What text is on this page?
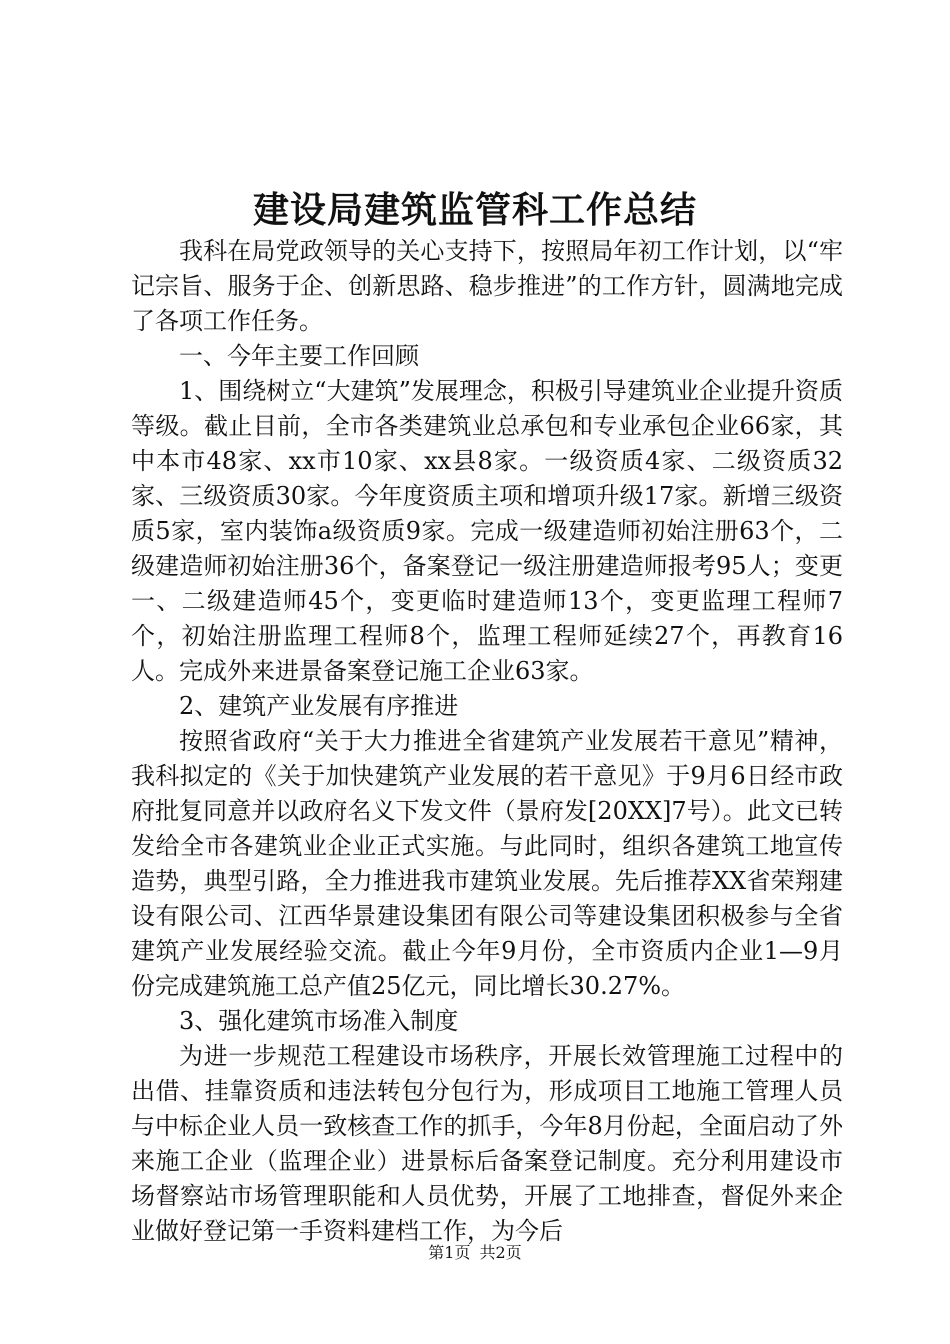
建设局建筑监管科工作总结

我科在局党政领导的关心支持下，按照局年初工作计划，以“牢记宗旨、服务于企、创新思路、稳步推进”的工作方针，圆满地完成了各项工作任务。

一、今年主要工作回顾

1、围绕树立“大建筑”发展理念，积极引导建筑业企业提升资质等级。截止目前，全市各类建筑业总承包和专业承包企业66家，其中本市48家、xx市10家、xx县8家。一级资质4家、二级资质32家、三级资质30家。今年度资质主项和增项升级17家。新增三级资质5家，室内装饰a级资质9家。完成一级建造师初始注册63个，二级建造师初始注册36个，备案登记一级注册建造师报考95人；变更一、二级建造师45个，变更临时建造师13个，变更监理工程师7个，初始注册监理工程师8个，监理工程师延续27个，再教育16人。完成外来进景备案登记施工企业63家。

2、建筑产业发展有序推进

按照省政府“关于大力推进全省建筑产业发展若干意见”精神，我科拟定的《关于加快建筑产业发展的若干意见》于9月6日经市政府批复同意并以政府名义下发文件（景府发[20XX]7号）。此文已转发给全市各建筑业企业正式实施。与此同时，组织各建筑工地宣传造势，典型引路，全力推进我市建筑业发展。先后推荐XX省荣翔建设有限公司、江西华景建设集团有限公司等建设集团积极参与全省建筑产业发展经验交流。截止今年9月份，全市资质内企业1—9月份完成建筑施工总产值25亿元，同比增长30.27%。

3、强化建筑市场准入制度

为进一步规范工程建设市场秩序，开展长效管理施工过程中的出借、挂靠资质和违法转包分包行为，形成项目工地施工管理人员与中标企业人员一致核查工作的抓手，今年8月份起，全面启动了外来施工企业（监理企业）进景标后备案登记制度。充分利用建设市场督察站市场管理职能和人员优势，开展了工地排查，督促外来企业做好登记第一手资料建档工作，为今后

第1页 共2页
